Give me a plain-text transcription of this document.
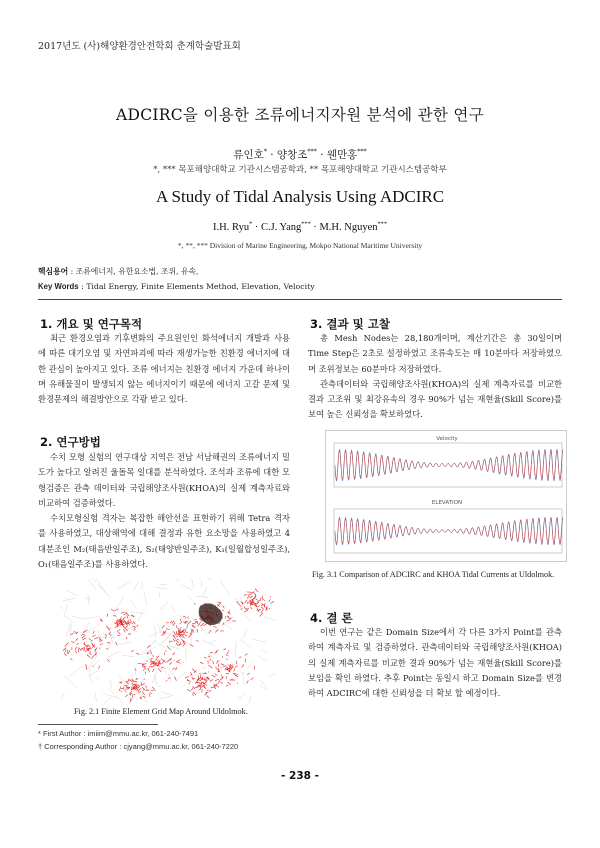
2017년도 (사)해양환경안전학회 춘계학술발표회
ADCIRC을 이용한 조류에너지자원 분석에 관한 연구
류인호* · 양창조*** · 웬만홍***
*, *** 목포해양대학교 기관시스템공학과, ** 목포해양대학교 기관시스템공학부
A Study of Tidal Analysis Using ADCIRC
I.H. Ryu* · C.J. Yang*** · M.H. Nguyen***
*, **, *** Division of Marine Engineering, Mokpo National Maritime University
핵심용어 : 조류에너지, 유한요소법, 조위, 유속,
Key Words : Tidal Energy, Finite Elements Method, Elevation, Velocity
1. 개요 및 연구목적

최근 환경오염과 기후변화의 주요원인인 화석에너지 개발과 사용에 따른 대기오염 및 자연파괴에 따라 재생가능한 친환경 에너지에 대한 관심이 높아지고 있다. 조류 에너지는 친환경 에너지 가운데 하나이며 유해물질이 발생되지 않는 에너지이기 때문에 에너지 고갈 문제 및 환경문제의 해결방안으로 각광 받고 있다.

2. 연구방법

수치 모형 실험의 연구대상 지역은 전남 서남해권의 조류에너지 밀도가 높다고 알려진 울돌목 일대를 분석하였다. 조석과 조류에 대한 모형검증은 관측 데이터와 국립해양조사원(KHOA)의 실제 계측자료와 비교하여 검증하였다.

수치모형실험 격자는 복잡한 해안선을 표현하기 위해 Tetra 격자를 사용하였고, 대상해역에 대해 결정과 유한 요소망을 사용하였고 4대분조인 M₂(태음반일주조), S₂(태양반일주조), K₁(일월합성일주조), O₁(태음일주조)를 사용하였다.

Fig. 2.1 Finite Element Grid Map Around Uldolmok.
3. 결과 및 고찰

총 Mesh Nodes는 28,180개이며, 계산기간은 총 30일이며 Time Step은 2초로 설정하였고 조류속도는 매 10분마다 저장하였으며 조위정보는 60분마다 저장하였다.

관측데이터와 국립해양조사원(KHOA)의 실제 계측자료를 비교한 결과 고조위 및 최강유속의 경우 90%가 넘는 재현율(Skill Score)를 보여 높은 신뢰성을 확보하였다.

Velocity
ELEVATION
Fig. 3.1 Comparison of ADCIRC and KHOA Tidal Currents at Uldolmok.
4. 결 론

이번 연구는 같은 Domain Size에서 각 다른 3가지 Point를 관측하여 계측자료 및 검증하였다. 관측데이터와 국립해양조사원(KHOA)의 실제 계측자료를 비교한 결과 90%가 넘는 재현율(Skill Score)를 보임을 확인 하였다. 추후 Point는 동일시 하고 Domain Size를 변경하여 ADCIRC에 대한 신뢰성을 더 확보 할 예정이다.

* First Author : imiim@mmu.ac.kr, 061-240-7491
† Corresponding Author : cjyang@mmu.ac.kr, 061-240-7220
- 238 -
